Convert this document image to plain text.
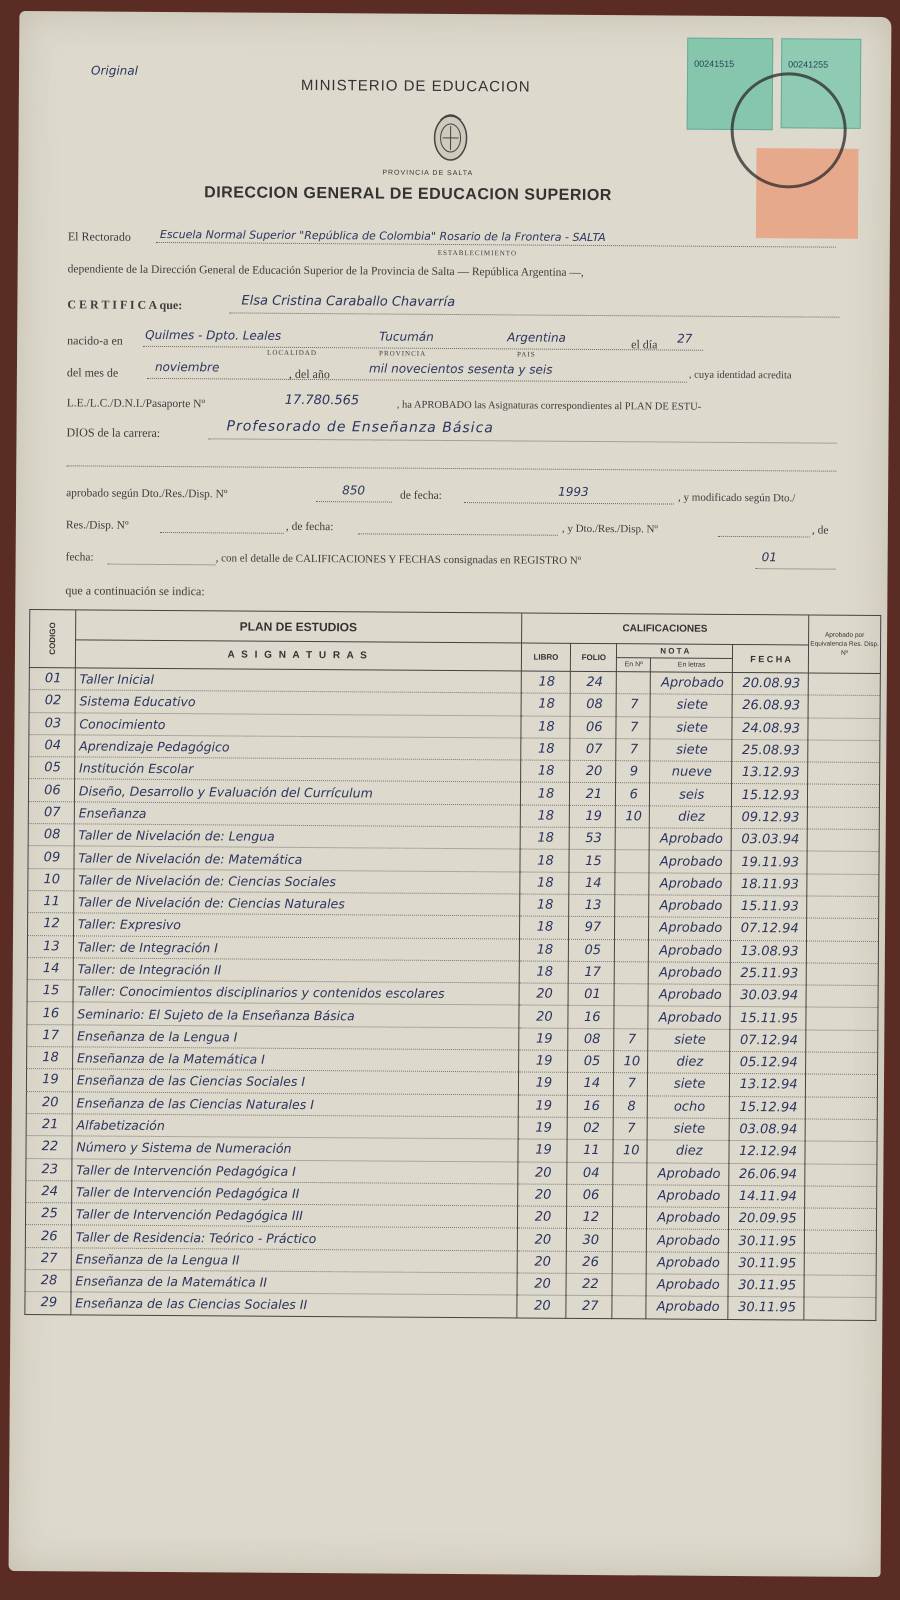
Original
MINISTERIO DE EDUCACION
PROVINCIA DE SALTA
DIRECCION GENERAL DE EDUCACION SUPERIOR
00241515	00241255
El Rectorado	Escuela Normal Superior "República de Colombia" Rosario de la Frontera - SALTA
ESTABLECIMIENTO
dependiente de la Dirección General de Educación Superior de la Provincia de Salta — República Argentina —,
C E R T I F I C A que:	Elsa Cristina Caraballo Chavarría
nacido-a en Quilmes - Dpto. Leales
LOCALIDAD
Tucumán
PROVINCIA
Argentina
PAIS
el día 27
del mes de	noviembre	, del año	mil novecientos sesenta y seis	, cuya identidad acredita
L.E./L.C./D.N.I./Pasaporte Nº	17.780.565	, ha APROBADO las Asignaturas correspondientes al PLAN DE ESTU-
DIOS de la carrera:	Profesorado de Enseñanza Básica
aprobado según Dto./Res./Disp. Nº	850	de fecha:	1993	, y modificado según Dto./
Res./Disp. Nº	, de fecha:	, y Dto./Res./Disp. Nº	, de
fecha:	, con el detalle de CALIFICACIONES Y FECHAS consignadas en REGISTRO Nº	01
que a continuación se indica:
CODIGO	PLAN DE ESTUDIOS	CALIFICACIONES					Aprobado por Equivalencia Res. Disp. Nº
	A S I G N A T U R A S	LIBRO	FOLIO	N O T A		F E C H A	
				En Nº	En letras		

01	Taller Inicial	18	24		Aprobado	20.08.93	

02	Sistema Educativo	18	08	7	siete	26.08.93	

03	Conocimiento	18	06	7	siete	24.08.93	

04	Aprendizaje Pedagógico	18	07	7	siete	25.08.93	

05	Institución Escolar	18	20	9	nueve	13.12.93	

06	Diseño, Desarrollo y Evaluación del Currículum	18	21	6	seis	15.12.93	

07	Enseñanza	18	19	10	diez	09.12.93	

08	Taller de Nivelación de: Lengua	18	53		Aprobado	03.03.94	

09	Taller de Nivelación de: Matemática	18	15		Aprobado	19.11.93	

10	Taller de Nivelación de: Ciencias Sociales	18	14		Aprobado	18.11.93	

11	Taller de Nivelación de: Ciencias Naturales	18	13		Aprobado	15.11.93	

12	Taller: Expresivo	18	97		Aprobado	07.12.94	

13	Taller: de Integración I	18	05		Aprobado	13.08.93	

14	Taller: de Integración II	18	17		Aprobado	25.11.93	

15	Taller: Conocimientos disciplinarios y contenidos escolares	20	01		Aprobado	30.03.94	

16	Seminario: El Sujeto de la Enseñanza Básica	20	16		Aprobado	15.11.95	

17	Enseñanza de la Lengua I	19	08	7	siete	07.12.94	

18	Enseñanza de la Matemática I	19	05	10	diez	05.12.94	

19	Enseñanza de las Ciencias Sociales I	19	14	7	siete	13.12.94	

20	Enseñanza de las Ciencias Naturales I	19	16	8	ocho	15.12.94	

21	Alfabetización	19	02	7	siete	03.08.94	

22	Número y Sistema de Numeración	19	11	10	diez	12.12.94	

23	Taller de Intervención Pedagógica I	20	04		Aprobado	26.06.94	

24	Taller de Intervención Pedagógica II	20	06		Aprobado	14.11.94	

25	Taller de Intervención Pedagógica III	20	12		Aprobado	20.09.95	

26	Taller de Residencia: Teórico - Práctico	20	30		Aprobado	30.11.95	

27	Enseñanza de la Lengua II	20	26		Aprobado	30.11.95	

28	Enseñanza de la Matemática II	20	22		Aprobado	30.11.95	

29	Enseñanza de las Ciencias Sociales II	20	27		Aprobado	30.11.95	
